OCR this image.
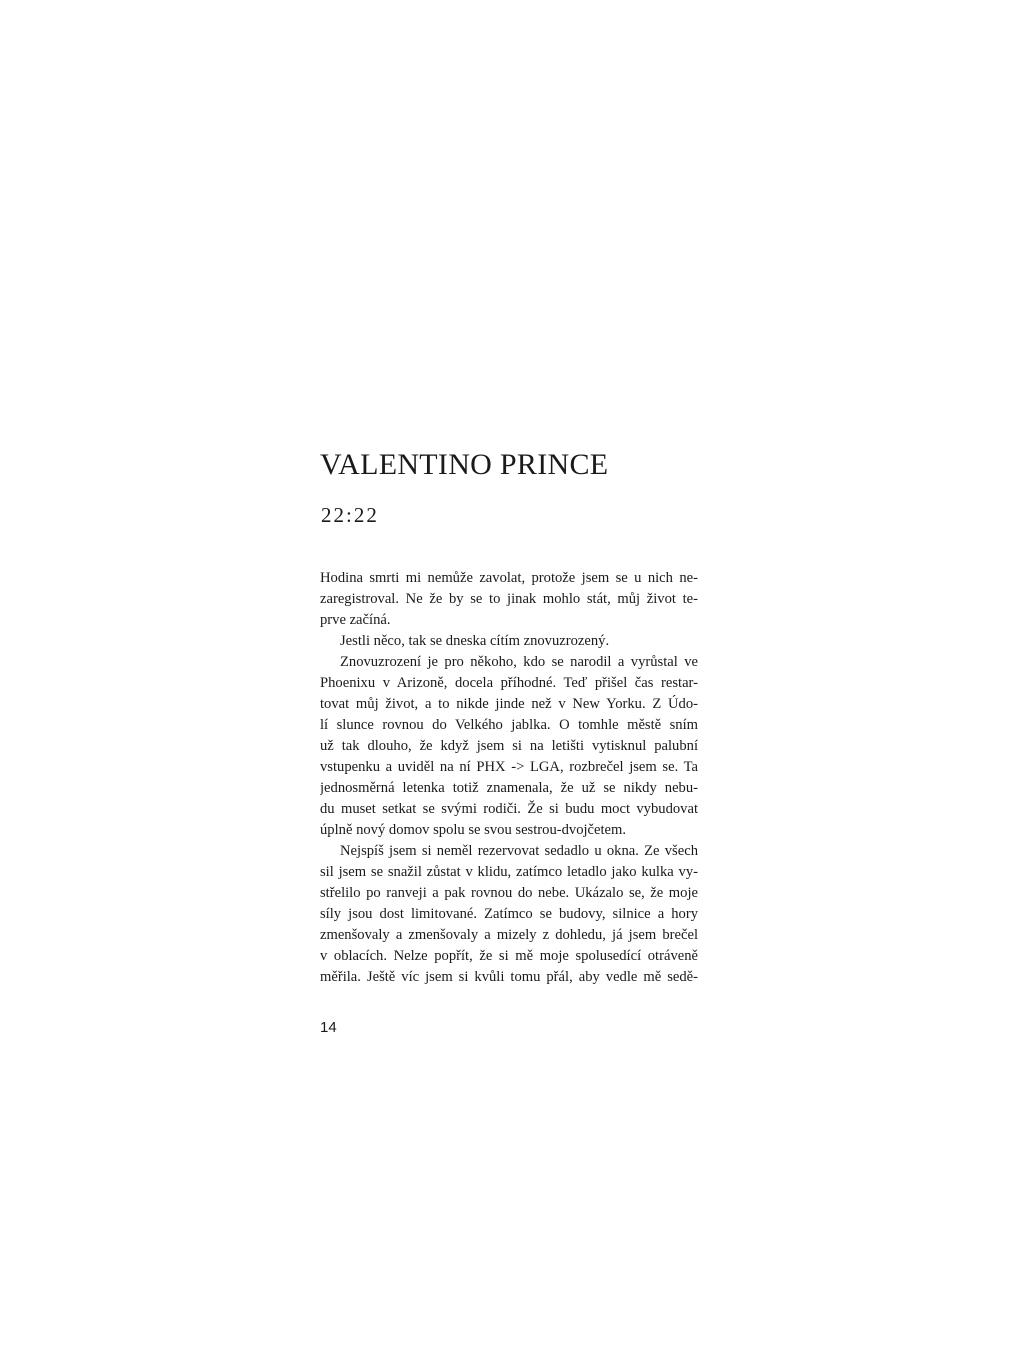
VALENTINO PRINCE
22:22
Hodina smrti mi nemůže zavolat, protože jsem se u nich ne-
zaregistroval. Ne že by se to jinak mohlo stát, můj život te-
prve začíná.
Jestli něco, tak se dneska cítím znovuzrozený.
Znovuzrození je pro někoho, kdo se narodil a vyrůstal ve
Phoenixu v Arizoně, docela příhodné. Teď přišel čas restar-
tovat můj život, a to nikde jinde než v New Yorku. Z Údo-
lí slunce rovnou do Velkého jablka. O tomhle městě sním
už tak dlouho, že když jsem si na letišti vytisknul palubní
vstupenku a uviděl na ní PHX -> LGA, rozbrečel jsem se. Ta
jednosměrná letenka totiž znamenala, že už se nikdy nebu-
du muset setkat se svými rodiči. Že si budu moct vybudovat
úplně nový domov spolu se svou sestrou-dvojčetem.
Nejspíš jsem si neměl rezervovat sedadlo u okna. Ze všech
sil jsem se snažil zůstat v klidu, zatímco letadlo jako kulka vy-
střelilo po ranveji a pak rovnou do nebe. Ukázalo se, že moje
síly jsou dost limitované. Zatímco se budovy, silnice a hory
zmenšovaly a zmenšovaly a mizely z dohledu, já jsem brečel
v oblacích. Nelze popřít, že si mě moje spolusedící otráveně
měřila. Ještě víc jsem si kvůli tomu přál, aby vedle mě sedě-
14
